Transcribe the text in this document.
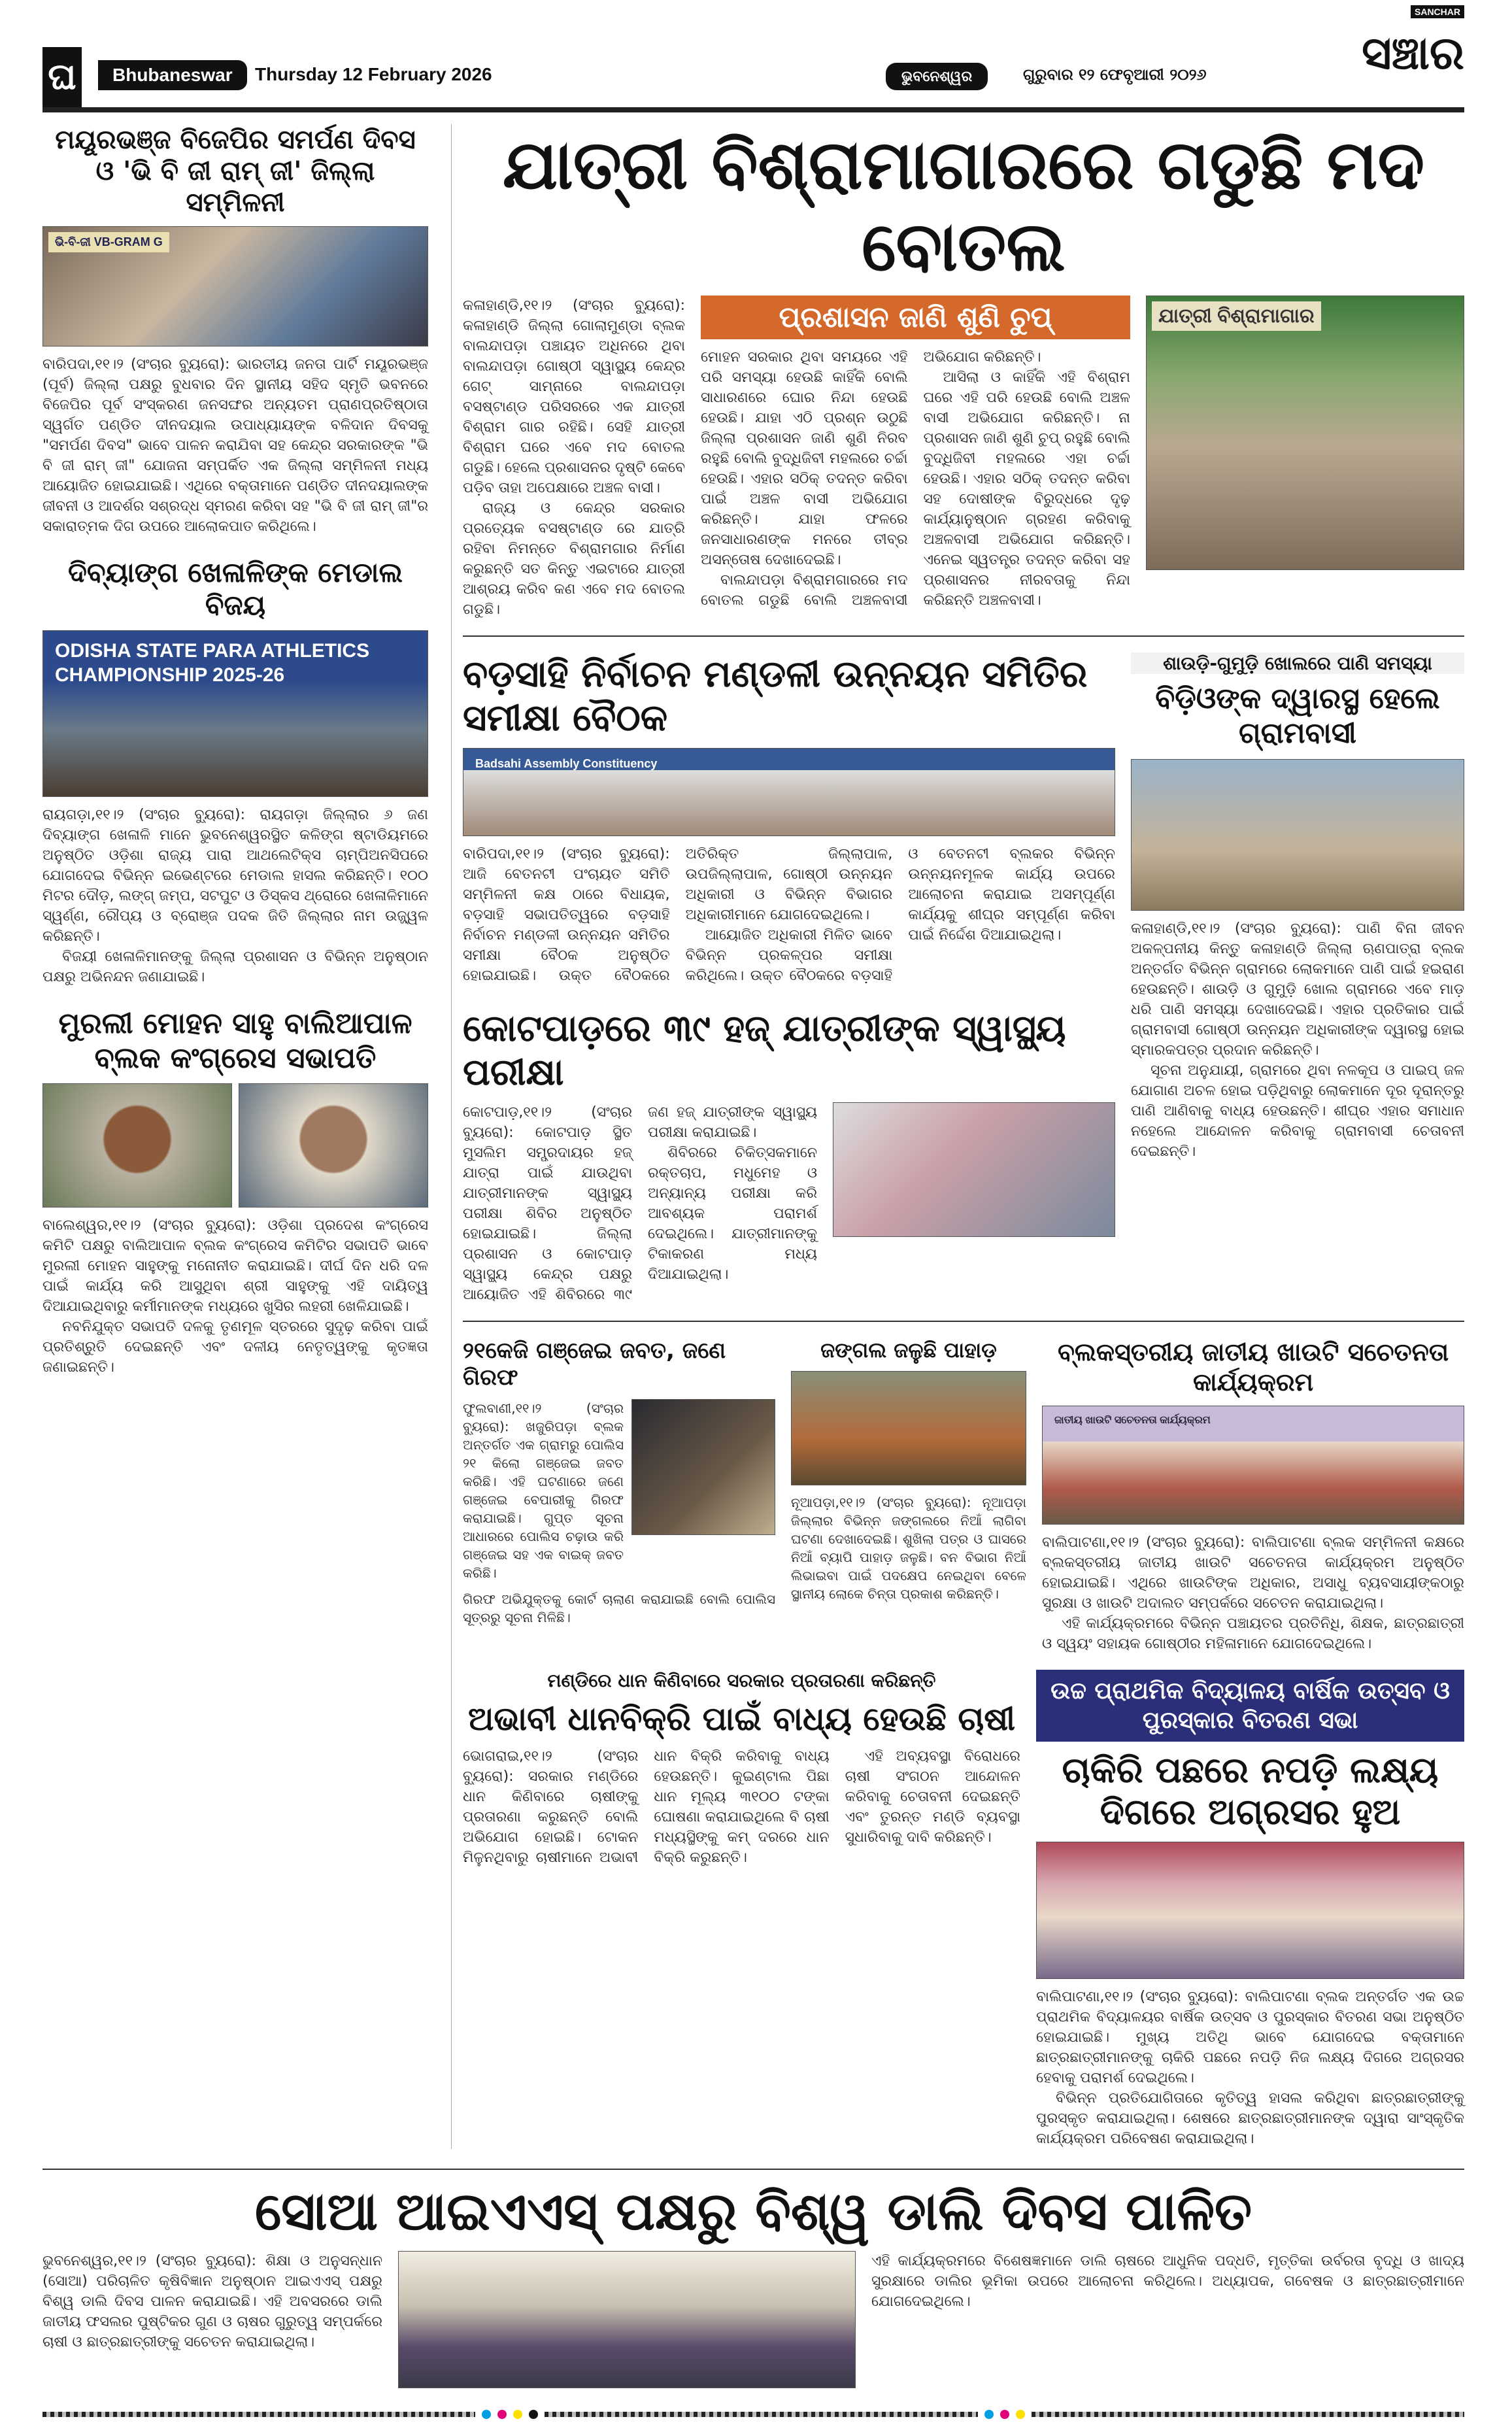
ଘ	Bhubaneswar	Thursday 12 February 2026	ଭୁବନେଶ୍ୱର	ଗୁରୁବାର ୧୨ ଫେବୃଆରୀ ୨୦୨୬
SANCHAR
ସଞ୍ଚାର
ମୟୂରଭଞ୍ଜ ବିଜେପିର ସମର୍ପଣ ଦିବସ ଓ 'ଭି ବି ଜୀ ରାମ୍ ଜୀ' ଜିଲ୍ଲା ସମ୍ମିଳନୀ
ଭି-ବି-ଜୀ VB-GRAM G

ବାରିପଦା,୧୧।୨ (ସଂଚାର ବ୍ୟୁରୋ): ଭାରତୀୟ ଜନତା ପାର୍ଟି ମୟୂରଭଞ୍ଜ (ପୂର୍ବ) ଜିଲ୍ଲା ପକ୍ଷରୁ ବୁଧବାର ଦିନ ସ୍ଥାନୀୟ ସହିଦ ସ୍ମୃତି ଭବନରେ ବିଜେପିର ପୂର୍ବ ସଂସ୍କରଣ ଜନସଙ୍ଘର ଅନ୍ୟତମ ପ୍ରାଣପ୍ରତିଷ୍ଠାତା ସ୍ୱର୍ଗତ ପଣ୍ଡିତ ଦୀନଦୟାଲ ଉପାଧ୍ୟାୟଙ୍କ ବଳିଦାନ ଦିବସକୁ "ସମର୍ପଣ ଦିବସ" ଭାବେ ପାଳନ କରାଯିବା ସହ କେନ୍ଦ୍ର ସରକାରଙ୍କ "ଭି ବି ଜୀ ରାମ୍ ଜୀ" ଯୋଜନା ସମ୍ପର୍କିତ ଏକ ଜିଲ୍ଲା ସମ୍ମିଳନୀ ମଧ୍ୟ ଆୟୋଜିତ ହୋଇଯାଇଛି। ଏଥିରେ ବକ୍ତାମାନେ ପଣ୍ଡିତ ଦୀନଦୟାଲଙ୍କ ଜୀବନୀ ଓ ଆଦର୍ଶର ସଶ୍ରଦ୍ଧ ସ୍ମରଣ କରିବା ସହ "ଭି ବି ଜୀ ରାମ୍ ଜୀ"ର ସକାରାତ୍ମକ ଦିଗ ଉପରେ ଆଲୋକପାତ କରିଥିଲେ।

ଦିବ୍ୟାଙ୍ଗ ଖେଳାଳିଙ୍କ ମେଡାଲ ବିଜୟ
ODISHA STATE PARA ATHLETICS CHAMPIONSHIP 2025-26

ରାୟଗଡ଼ା,୧୧।୨ (ସଂଚାର ବ୍ୟୁରୋ): ରାୟଗଡ଼ା ଜିଲ୍ଲାର ୬ ଜଣ ଦିବ୍ୟାଙ୍ଗ ଖେଳାଳି ମାନେ ଭୁବନେଶ୍ୱରସ୍ଥିତ କଳିଙ୍ଗ ଷ୍ଟାଡିୟମରେ ଅନୁଷ୍ଠିତ ଓଡ଼ିଶା ରାଜ୍ୟ ପାରା ଆଥଲେଟିକ୍ସ ଚାମ୍ପିଅନସିପରେ ଯୋଗଦେଇ ବିଭିନ୍ନ ଇଭେଣ୍ଟରେ ମେଡାଲ ହାସଲ କରିଛନ୍ତି। ୧୦୦ ମିଟର ଦୌଡ଼, ଲଙ୍ଗ୍ ଜମ୍ପ, ସଟପୁଟ ଓ ଡିସ୍କସ ଥ୍ରୋରେ ଖେଳାଳିମାନେ ସ୍ୱର୍ଣ୍ଣ, ରୌପ୍ୟ ଓ ବ୍ରୋଞ୍ଜ ପଦକ ଜିତି ଜିଲ୍ଲାର ନାମ ଉଜ୍ଜ୍ୱଳ କରିଛନ୍ତି।

ବିଜୟୀ ଖେଳାଳିମାନଙ୍କୁ ଜିଲ୍ଲା ପ୍ରଶାସନ ଓ ବିଭିନ୍ନ ଅନୁଷ୍ଠାନ ପକ୍ଷରୁ ଅଭିନନ୍ଦନ ଜଣାଯାଇଛି।

ମୁରଲୀ ମୋହନ ସାହୁ ବାଲିଆପାଳ ବ୍ଲକ କଂଗ୍ରେସ ସଭାପତି

ବାଲେଶ୍ୱର,୧୧।୨ (ସଂଚାର ବ୍ୟୁରୋ): ଓଡ଼ିଶା ପ୍ରଦେଶ କଂଗ୍ରେସ କମିଟି ପକ୍ଷରୁ ବାଲିଆପାଳ ବ୍ଲକ କଂଗ୍ରେସ କମିଟିର ସଭାପତି ଭାବେ ମୁରଲୀ ମୋହନ ସାହୁଙ୍କୁ ମନୋନୀତ କରାଯାଇଛି। ଦୀର୍ଘ ଦିନ ଧରି ଦଳ ପାଇଁ କାର୍ଯ୍ୟ କରି ଆସୁଥିବା ଶ୍ରୀ ସାହୁଙ୍କୁ ଏହି ଦାୟିତ୍ୱ ଦିଆଯାଇଥିବାରୁ କର୍ମୀମାନଙ୍କ ମଧ୍ୟରେ ଖୁସିର ଲହରୀ ଖେଳିଯାଇଛି।

ନବନିଯୁକ୍ତ ସଭାପତି ଦଳକୁ ତୃଣମୂଳ ସ୍ତରରେ ସୁଦୃଢ଼ କରିବା ପାଇଁ ପ୍ରତିଶ୍ରୁତି ଦେଇଛନ୍ତି ଏବଂ ଦଳୀୟ ନେତୃତ୍ୱଙ୍କୁ କୃତଜ୍ଞତା ଜଣାଇଛନ୍ତି।

ଯାତ୍ରୀ ବିଶ୍ରାମାଗାରରେ ଗଡୁଛି ମଦ ବୋତଲ

କଳାହାଣ୍ଡି,୧୧।୨ (ସଂଚାର ବ୍ୟୁରୋ): କଳାହାଣ୍ଡି ଜିଲ୍ଲା ଗୋଲାମୁଣ୍ଡା ବ୍ଲକ ବାଲନ୍ଦାପଡ଼ା ପଞ୍ଚାୟତ ଅଧିନରେ ଥିବା ବାଲନ୍ଦାପଡ଼ା ଗୋଷ୍ଠୀ ସ୍ୱାସ୍ଥ୍ୟ କେନ୍ଦ୍ର ଗେଟ୍ ସାମ୍ନାରେ ବାଲନ୍ଦାପଡ଼ା ବସଷ୍ଟାଣ୍ଡ ପରିସରରେ ଏକ ଯାତ୍ରୀ ବିଶ୍ରାମ ଗାର ରହିଛି। ସେହି ଯାତ୍ରୀ ବିଶ୍ରାମ ଘରେ ଏବେ ମଦ ବୋତଲ ଗଡୁଛି। ହେଲେ ପ୍ରଶାସନର ଦୃଷ୍ଟି କେବେ ପଡ଼ିବ ତାହା ଅପେକ୍ଷାରେ ଅଞ୍ଚଳ ବାସୀ।

ରାଜ୍ୟ ଓ କେନ୍ଦ୍ର ସରକାର ପ୍ରତ୍ୟେକ ବସଷ୍ଟାଣ୍ଡ ରେ ଯାତ୍ରି ରହିବା ନିମନ୍ତେ ବିଶ୍ରାମଗାର ନିର୍ମାଣ କରୁଛନ୍ତି ସତ କିନ୍ତୁ ଏଇଟାରେ ଯାତ୍ରୀ ଆଶ୍ରୟ କରିବ କଣ ଏବେ ମଦ ବୋତଲ ଗଡୁଛି।

ପ୍ରଶାସନ ଜାଣି ଶୁଣି ଚୁପ୍

ମୋହନ ସରକାର ଥିବା ସମୟରେ ଏହି ପରି ସମସ୍ୟା ହେଉଛି କାହିଁକି ବୋଲି ସାଧାରଣରେ ଘୋର ନିନ୍ଦା ହେଉଛି ହେଉଛି। ଯାହା ଏଠି ପ୍ରଶ୍ନ ଉଠୁଛି ଜିଲ୍ଲା ପ୍ରଶାସନ ଜାଣି ଶୁଣି ନିରବ ରହୁଛି ବୋଲି ବୁଦ୍ଧିଜିବୀ ମହଲରେ ଚର୍ଚ୍ଚା ହେଉଛି। ଏହାର ସଠିକ୍ ତଦନ୍ତ କରିବା ପାଇଁ ଅଞ୍ଚଳ ବାସୀ ଅଭିଯୋଗ କରିଛନ୍ତି। ଯାହା ଫଳରେ ଜନସାଧାରଣଙ୍କ ମନରେ ତୀବ୍ର ଅସନ୍ତୋଷ ଦେଖାଦେଇଛି।

ବାଲନ୍ଦାପଡ଼ା ବିଶ୍ରାମଗାରରେ ମଦ ବୋତଲ ଗଡୁଛି ବୋଲି ଅଞ୍ଚଳବାସୀ ଅଭିଯୋଗ କରିଛନ୍ତି।

ଆସିଲା ଓ କାହିଁକି ଏହି ବିଶ୍ରାମ ଘରେ ଏହି ପରି ହେଉଛି ବୋଲି ଅଞ୍ଚଳ ବାସୀ ଅଭିଯୋଗ କରିଛନ୍ତି। ନା ପ୍ରଶାସନ ଜାଣି ଶୁଣି ଚୁପ୍ ରହୁଛି ବୋଲି ବୁଦ୍ଧିଜିବୀ ମହଲରେ ଏହା ଚର୍ଚ୍ଚା ହେଉଛି। ଏହାର ସଠିକ୍ ତଦନ୍ତ କରିବା ସହ ଦୋଷୀଙ୍କ ବିରୁଦ୍ଧରେ ଦୃଢ଼ କାର୍ଯ୍ୟାନୁଷ୍ଠାନ ଗ୍ରହଣ କରିବାକୁ ଅଞ୍ଚଳବାସୀ ଅଭିଯୋଗ କରିଛନ୍ତି। ଏନେଇ ସ୍ୱତନ୍ତ୍ର ତଦନ୍ତ କରିବା ସହ ପ୍ରଶାସନର ନୀରବତାକୁ ନିନ୍ଦା କରିଛନ୍ତି ଅଞ୍ଚଳବାସୀ।

ଯାତ୍ରୀ ବିଶ୍ରାମାଗାର
ବଡ଼ସାହି ନିର୍ବାଚନ ମଣ୍ଡଳୀ ଉନ୍ନୟନ ସମିତିର ସମୀକ୍ଷା ବୈଠକ
Badsahi Assembly Constituency

ବାରିପଦା,୧୧।୨ (ସଂଚାର ବ୍ୟୁରୋ): ଆଜି ବେତନଟୀ ପଂଚାୟତ ସମିତି ସମ୍ମିଳନୀ କକ୍ଷ ଠାରେ ବିଧାୟକ, ବଡ଼ସାହି ସଭାପତିତ୍ୱରେ ବଡ଼ସାହି ନିର୍ବାଚନ ମଣ୍ଡଳୀ ଉନ୍ନୟନ ସମିତିର ସମୀକ୍ଷା ବୈଠକ ଅନୁଷ୍ଠିତ ହୋଇଯାଇଛି। ଉକ୍ତ ବୈଠକରେ ଅତିରିକ୍ତ ଜିଲ୍ଲାପାଳ, ଉପଜିଲ୍ଲାପାଳ, ଗୋଷ୍ଠୀ ଉନ୍ନୟନ ଅଧିକାରୀ ଓ ବିଭିନ୍ନ ବିଭାଗର ଅଧିକାରୀମାନେ ଯୋଗଦେଇଥିଲେ।

ଆୟୋଜିତ ଅଧିକାରୀ ମିଳିତ ଭାବେ ବିଭିନ୍ନ ପ୍ରକଳ୍ପର ସମୀକ୍ଷା କରିଥିଲେ। ଉକ୍ତ ବୈଠକରେ ବଡ଼ସାହି ଓ ବେତନଟୀ ବ୍ଲକର ବିଭିନ୍ନ ଉନ୍ନୟନମୂଳକ କାର୍ଯ୍ୟ ଉପରେ ଆଲୋଚନା କରାଯାଇ ଅସମ୍ପୂର୍ଣ୍ଣ କାର୍ଯ୍ୟକୁ ଶୀଘ୍ର ସମ୍ପୂର୍ଣ୍ଣ କରିବା ପାଇଁ ନିର୍ଦ୍ଦେଶ ଦିଆଯାଇଥିଲା।

କୋଟପାଡ଼ରେ ୩୯ ହଜ୍ ଯାତ୍ରୀଙ୍କ ସ୍ୱାସ୍ଥ୍ୟ ପରୀକ୍ଷା

କୋଟପାଡ଼,୧୧।୨ (ସଂଚାର ବ୍ୟୁରୋ): କୋଟପାଡ଼ ସ୍ଥିତ ମୁସଲିମ ସମ୍ପ୍ରଦାୟର ହଜ୍ ଯାତ୍ରା ପାଇଁ ଯାଉଥିବା ଯାତ୍ରୀମାନଙ୍କ ସ୍ୱାସ୍ଥ୍ୟ ପରୀକ୍ଷା ଶିବିର ଅନୁଷ୍ଠିତ ହୋଇଯାଇଛି। ଜିଲ୍ଲା ପ୍ରଶାସନ ଓ କୋଟପାଡ଼ ସ୍ୱାସ୍ଥ୍ୟ କେନ୍ଦ୍ର ପକ୍ଷରୁ ଆୟୋଜିତ ଏହି ଶିବିରରେ ୩୯ ଜଣ ହଜ୍ ଯାତ୍ରୀଙ୍କ ସ୍ୱାସ୍ଥ୍ୟ ପରୀକ୍ଷା କରାଯାଇଛି।

ଶିବିରରେ ଚିକିତ୍ସକମାନେ ରକ୍ତଚାପ, ମଧୁମେହ ଓ ଅନ୍ୟାନ୍ୟ ପରୀକ୍ଷା କରି ଆବଶ୍ୟକ ପରାମର୍ଶ ଦେଇଥିଲେ। ଯାତ୍ରୀମାନଙ୍କୁ ଟିକାକରଣ ମଧ୍ୟ ଦିଆଯାଇଥିଲା।

ଶାଉଡ଼ି-ଗୁମୁଡ଼ି ଖୋଲରେ ପାଣି ସମସ୍ୟା
ବିଡ଼ିଓଙ୍କ ଦ୍ୱାରସ୍ଥ ହେଲେ ଗ୍ରାମବାସୀ

କଳାହାଣ୍ଡି,୧୧।୨ (ସଂଚାର ବ୍ୟୁରୋ): ପାଣି ବିନା ଜୀବନ ଅକଳ୍ପନୀୟ କିନ୍ତୁ କଳାହାଣ୍ଡି ଜିଲ୍ଲା ଋଣପାତ୍ରା ବ୍ଲକ ଅନ୍ତର୍ଗତ ବିଭିନ୍ନ ଗ୍ରାମରେ ଲୋକମାନେ ପାଣି ପାଇଁ ହଇରାଣ ହେଉଛନ୍ତି। ଶାଉଡ଼ି ଓ ଗୁମୁଡ଼ି ଖୋଲ ଗ୍ରାମରେ ଏବେ ମାଡ଼ ଧରି ପାଣି ସମସ୍ୟା ଦେଖାଦେଇଛି। ଏହାର ପ୍ରତିକାର ପାଇଁ ଗ୍ରାମବାସୀ ଗୋଷ୍ଠୀ ଉନ୍ନୟନ ଅଧିକାରୀଙ୍କ ଦ୍ୱାରସ୍ଥ ହୋଇ ସ୍ମାରକପତ୍ର ପ୍ରଦାନ କରିଛନ୍ତି।

ସୂଚନା ଅନୁଯାୟୀ, ଗ୍ରାମରେ ଥିବା ନଳକୂପ ଓ ପାଇପ୍ ଜଳ ଯୋଗାଣ ଅଚଳ ହୋଇ ପଡ଼ିଥିବାରୁ ଲୋକମାନେ ଦୂର ଦୂରାନ୍ତରୁ ପାଣି ଆଣିବାକୁ ବାଧ୍ୟ ହେଉଛନ୍ତି। ଶୀଘ୍ର ଏହାର ସମାଧାନ ନହେଲେ ଆନ୍ଦୋଳନ କରିବାକୁ ଗ୍ରାମବାସୀ ଚେତାବନୀ ଦେଇଛନ୍ତି।

୨୧କେଜି ଗଞ୍ଜେଇ ଜବତ, ଜଣେ ଗିରଫ

ଫୁଲବାଣୀ,୧୧।୨ (ସଂଚାର ବ୍ୟୁରୋ): ଖଜୁରିପଡ଼ା ବ୍ଲକ ଅନ୍ତର୍ଗତ ଏକ ଗ୍ରାମରୁ ପୋଲିସ ୨୧ କିଲୋ ଗଞ୍ଜେଇ ଜବତ କରିଛି। ଏହି ଘଟଣାରେ ଜଣେ ଗଞ୍ଜେଇ ବେପାରୀକୁ ଗିରଫ କରାଯାଇଛି। ଗୁପ୍ତ ସୂଚନା ଆଧାରରେ ପୋଲିସ ଚଢ଼ାଉ କରି ଗଞ୍ଜେଇ ସହ ଏକ ବାଇକ୍ ଜବତ କରିଛି।

ଗିରଫ ଅଭିଯୁକ୍ତକୁ କୋର୍ଟ ଚାଲାଣ କରାଯାଇଛି ବୋଲି ପୋଲିସ ସୂତ୍ରରୁ ସୂଚନା ମିଳିଛି।

ଜଙ୍ଗଲ ଜଳୁଛି ପାହାଡ଼

ନୂଆପଡ଼ା,୧୧।୨ (ସଂଚାର ବ୍ୟୁରୋ): ନୂଆପଡ଼ା ଜିଲ୍ଲାର ବିଭିନ୍ନ ଜଙ୍ଗଲରେ ନିଆଁ ଲାଗିବା ଘଟଣା ଦେଖାଦେଇଛି। ଶୁଖିଲା ପତ୍ର ଓ ଘାସରେ ନିଆଁ ବ୍ୟାପି ପାହାଡ଼ ଜଳୁଛି। ବନ ବିଭାଗ ନିଆଁ ଲିଭାଇବା ପାଇଁ ପଦକ୍ଷେପ ନେଇଥିବା ବେଳେ ସ୍ଥାନୀୟ ଲୋକେ ଚିନ୍ତା ପ୍ରକାଶ କରିଛନ୍ତି।

ବ୍ଲକସ୍ତରୀୟ ଜାତୀୟ ଖାଉଟି ସଚେତନତା କାର୍ଯ୍ୟକ୍ରମ
ଜାତୀୟ ଖାଉଟି ସଚେତନତା କାର୍ଯ୍ୟକ୍ରମ

ବାଲିପାଟଣା,୧୧।୨ (ସଂଚାର ବ୍ୟୁରୋ): ବାଲିପାଟଣା ବ୍ଲକ ସମ୍ମିଳନୀ କକ୍ଷରେ ବ୍ଲକସ୍ତରୀୟ ଜାତୀୟ ଖାଉଟି ସଚେତନତା କାର୍ଯ୍ୟକ୍ରମ ଅନୁଷ୍ଠିତ ହୋଇଯାଇଛି। ଏଥିରେ ଖାଉଟିଙ୍କ ଅଧିକାର, ଅସାଧୁ ବ୍ୟବସାୟୀଙ୍କଠାରୁ ସୁରକ୍ଷା ଓ ଖାଉଟି ଅଦାଲତ ସମ୍ପର୍କରେ ସଚେତନ କରାଯାଇଥିଲା।

ଏହି କାର୍ଯ୍ୟକ୍ରମରେ ବିଭିନ୍ନ ପଞ୍ଚାୟତର ପ୍ରତିନିଧି, ଶିକ୍ଷକ, ଛାତ୍ରଛାତ୍ରୀ ଓ ସ୍ୱୟଂ ସହାୟକ ଗୋଷ୍ଠୀର ମହିଳାମାନେ ଯୋଗଦେଇଥିଲେ।

ମଣ୍ଡିରେ ଧାନ କିଣିବାରେ ସରକାର ପ୍ରତାରଣା କରିଛନ୍ତି
ଅଭାବୀ ଧାନବିକ୍ରି ପାଇଁ ବାଧ୍ୟ ହେଉଛି ଚାଷୀ

ଭୋଗରାଇ,୧୧।୨ (ସଂଚାର ବ୍ୟୁରୋ): ସରକାର ମଣ୍ଡିରେ ଧାନ କିଣିବାରେ ଚାଷୀଙ୍କୁ ପ୍ରତାରଣା କରୁଛନ୍ତି ବୋଲି ଅଭିଯୋଗ ହୋଇଛି। ଟୋକନ ମିଳୁନଥିବାରୁ ଚାଷୀମାନେ ଅଭାବୀ ଧାନ ବିକ୍ରି କରିବାକୁ ବାଧ୍ୟ ହେଉଛନ୍ତି। କୁଇଣ୍ଟାଲ ପିଛା ଧାନ ମୂଲ୍ୟ ୩୧୦୦ ଟଙ୍କା ଘୋଷଣା କରାଯାଇଥିଲେ ବି ଚାଷୀ ମଧ୍ୟସ୍ଥିଙ୍କୁ କମ୍ ଦରରେ ଧାନ ବିକ୍ରି କରୁଛନ୍ତି।

ଏହି ଅବ୍ୟବସ୍ଥା ବିରୋଧରେ ଚାଷୀ ସଂଗଠନ ଆନ୍ଦୋଳନ କରିବାକୁ ଚେତାବନୀ ଦେଇଛନ୍ତି ଏବଂ ତୁରନ୍ତ ମଣ୍ଡି ବ୍ୟବସ୍ଥା ସୁଧାରିବାକୁ ଦାବି କରିଛନ୍ତି।

ଉଚ୍ଚ ପ୍ରାଥମିକ ବିଦ୍ୟାଳୟ ବାର୍ଷିକ ଉତ୍ସବ ଓ ପୁରସ୍କାର ବିତରଣ ସଭା
ଚାକିରି ପଛରେ ନପଡ଼ି ଲକ୍ଷ୍ୟ ଦିଗରେ ଅଗ୍ରସର ହୁଅ

ବାଲିପାଟଣା,୧୧।୨ (ସଂଚାର ବ୍ୟୁରୋ): ବାଲିପାଟଣା ବ୍ଲକ ଅନ୍ତର୍ଗତ ଏକ ଉଚ୍ଚ ପ୍ରାଥମିକ ବିଦ୍ୟାଳୟର ବାର୍ଷିକ ଉତ୍ସବ ଓ ପୁରସ୍କାର ବିତରଣ ସଭା ଅନୁଷ୍ଠିତ ହୋଇଯାଇଛି। ମୁଖ୍ୟ ଅତିଥି ଭାବେ ଯୋଗଦେଇ ବକ୍ତାମାନେ ଛାତ୍ରଛାତ୍ରୀମାନଙ୍କୁ ଚାକିରି ପଛରେ ନପଡ଼ି ନିଜ ଲକ୍ଷ୍ୟ ଦିଗରେ ଅଗ୍ରସର ହେବାକୁ ପରାମର୍ଶ ଦେଇଥିଲେ।

ବିଭିନ୍ନ ପ୍ରତିଯୋଗିତାରେ କୃତିତ୍ୱ ହାସଲ କରିଥିବା ଛାତ୍ରଛାତ୍ରୀଙ୍କୁ ପୁରସ୍କୃତ କରାଯାଇଥିଲା। ଶେଷରେ ଛାତ୍ରଛାତ୍ରୀମାନଙ୍କ ଦ୍ୱାରା ସାଂସ୍କୃତିକ କାର୍ଯ୍ୟକ୍ରମ ପରିବେଷଣ କରାଯାଇଥିଲା।

ସୋଆ ଆଇଏଏସ୍ ପକ୍ଷରୁ ବିଶ୍ୱ ଡାଲି ଦିବସ ପାଳିତ

ଭୁବନେଶ୍ୱର,୧୧।୨ (ସଂଚାର ବ୍ୟୁରୋ): ଶିକ୍ଷା ଓ ଅନୁସନ୍ଧାନ (ସୋଆ) ପରିଚାଳିତ କୃଷିବିଜ୍ଞାନ ଅନୁଷ୍ଠାନ ଆଇଏଏସ୍ ପକ୍ଷରୁ ବିଶ୍ୱ ଡାଲି ଦିବସ ପାଳନ କରାଯାଇଛି। ଏହି ଅବସରରେ ଡାଲି ଜାତୀୟ ଫସଲର ପୁଷ୍ଟିକର ଗୁଣ ଓ ଚାଷର ଗୁରୁତ୍ୱ ସମ୍ପର୍କରେ ଚାଷୀ ଓ ଛାତ୍ରଛାତ୍ରୀଙ୍କୁ ସଚେତନ କରାଯାଇଥିଲା।

ଏହି କାର୍ଯ୍ୟକ୍ରମରେ ବିଶେଷଜ୍ଞମାନେ ଡାଲି ଚାଷରେ ଆଧୁନିକ ପଦ୍ଧତି, ମୃତ୍ତିକା ଉର୍ବରତା ବୃଦ୍ଧି ଓ ଖାଦ୍ୟ ସୁରକ୍ଷାରେ ଡାଲିର ଭୂମିକା ଉପରେ ଆଲୋଚନା କରିଥିଲେ। ଅଧ୍ୟାପକ, ଗବେଷକ ଓ ଛାତ୍ରଛାତ୍ରୀମାନେ ଯୋଗଦେଇଥିଲେ।
